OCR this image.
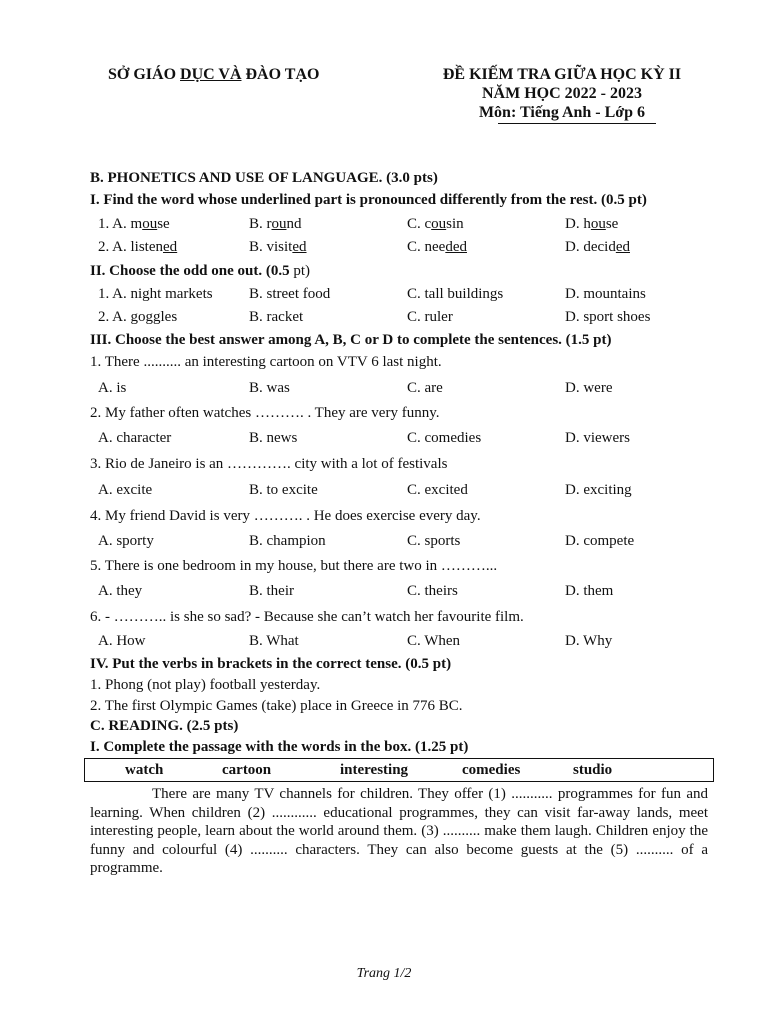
SỞ GIÁO DỤC VÀ ĐÀO TẠO	ĐỀ KIẾM TRA GIỮA HỌC KỲ II
NĂM HỌC 2022 - 2023
Môn: Tiếng Anh - Lớp 6
B. PHONETICS AND USE OF LANGUAGE. (3.0 pts)
I. Find the word whose underlined part is pronounced differently from the rest. (0.5 pt)
1. A. mouse	B. round	C. cousin	D. house
2. A. listened	B. visited	C. needed	D. decided
II. Choose the odd one out. (0.5 pt)
1. A. night markets B. street food	C. tall buildings	D. mountains
2. A. goggles	B. racket	C. ruler	D. sport shoes
III. Choose the best answer among A, B, C or D to complete the sentences. (1.5 pt)
1. There .......... an interesting cartoon on VTV 6 last night.
A. is	B. was	C. are	D. were
2. My father often watches ………. . They are very funny.
A. character	B. news	C. comedies	D. viewers
3. Rio de Janeiro is an …………. city with a lot of festivals
A. excite	B. to excite	C. excited	D. exciting
4. My friend David is very ………. . He does exercise every day.
A. sporty	B. champion	C. sports	D. compete
5. There is one bedroom in my house, but there are two in ………...
A. they	B. their	C. theirs	D. them
6. - ……….. is she so sad? - Because she can’t watch her favourite film.
A. How	B. What	C. When	D. Why
IV. Put the verbs in brackets in the correct tense. (0.5 pt)
1. Phong (not play) football yesterday.
2. The first Olympic Games (take) place in Greece in 776 BC.
C. READING. (2.5 pts)
I. Complete the passage with the words in the box. (1.25 pt)
watch	cartoon	interesting	comedies	studio
There are many TV channels for children. They offer (1) ........... programmes for fun and learning. When children (2) ............ educational programmes, they can visit far-away lands, meet interesting people, learn about the world around them. (3) .......... make them laugh. Children enjoy the funny and colourful (4) .......... characters. They can also become guests at the (5) .......... of a programme.
Trang 1/2
